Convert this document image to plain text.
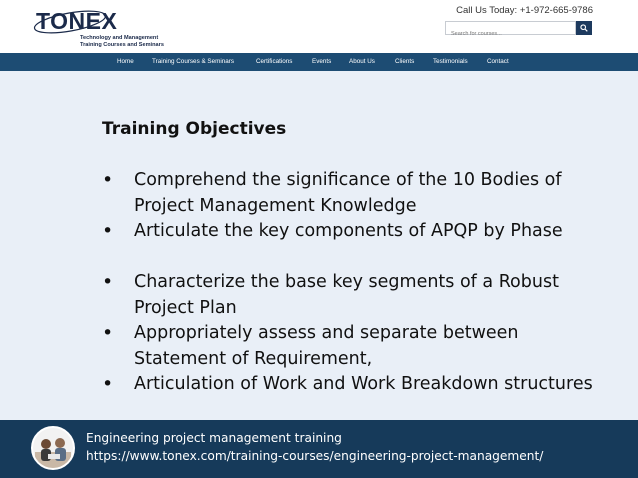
TONEX
Technology and Management
Training Courses and Seminars
Call Us Today: +1-972-665-9786
Search for courses...
Home	Training Courses & Seminars	Certifications	Events	About Us	Clients	Testimonials	Contact
Training Objectives
• Comprehend the significance of the 10 Bodies of Project Management Knowledge
• Articulate the key components of APQP by Phase
• Characterize the base key segments of a Robust Project Plan
• Appropriately assess and separate between Statement of Requirement,
• Articulation of Work and Work Breakdown structures
Engineering project management training
https://www.tonex.com/training-courses/engineering-project-management/
